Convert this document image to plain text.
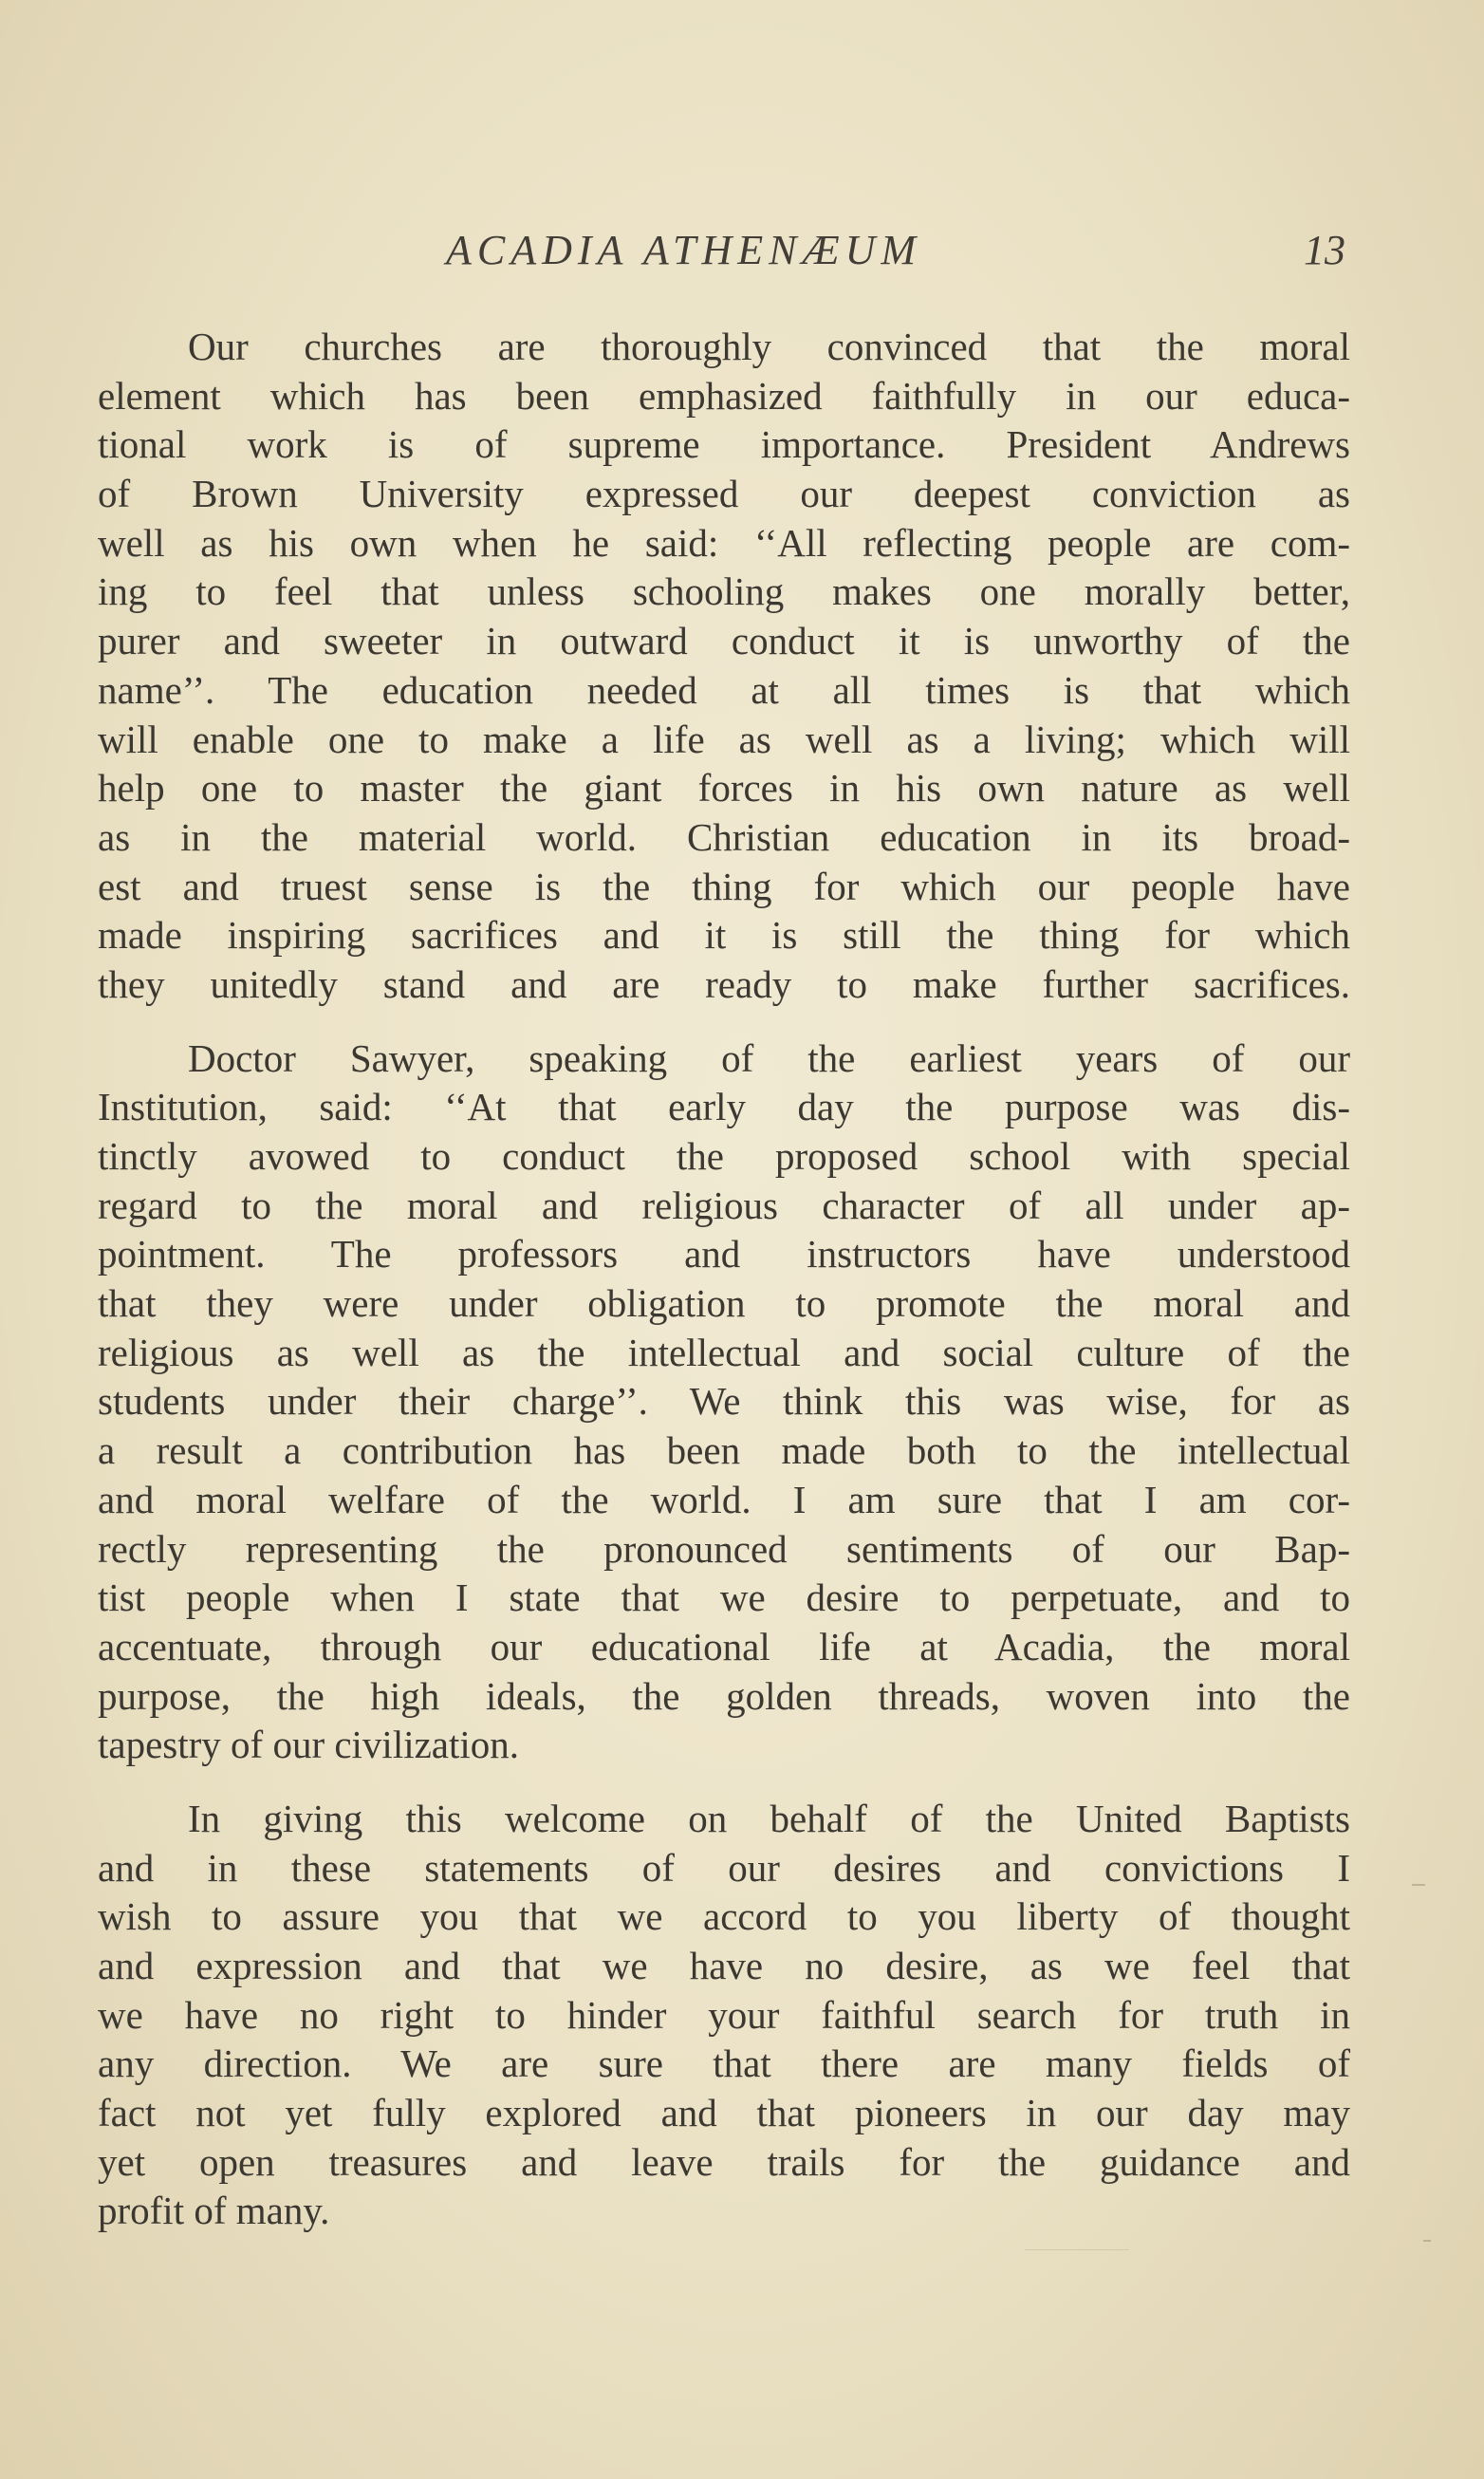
ACADIA ATHENÆUM	13
Our churches are thoroughly convinced that the moral
element which has been emphasized faithfully in our educa-
tional work is of supreme importance. President Andrews
of Brown University expressed our deepest conviction as
well as his own when he said: ‘‘All reflecting people are com-
ing to feel that unless schooling makes one morally better,
purer and sweeter in outward conduct it is unworthy of the
name’’. The education needed at all times is that which
will enable one to make a life as well as a living; which will
help one to master the giant forces in his own nature as well
as in the material world. Christian education in its broad-
est and truest sense is the thing for which our people have
made inspiring sacrifices and it is still the thing for which
they unitedly stand and are ready to make further sacrifices.
Doctor Sawyer, speaking of the earliest years of our
Institution, said: ‘‘At that early day the purpose was dis-
tinctly avowed to conduct the proposed school with special
regard to the moral and religious character of all under ap-
pointment. The professors and instructors have understood
that they were under obligation to promote the moral and
religious as well as the intellectual and social culture of the
students under their charge’’. We think this was wise, for as
a result a contribution has been made both to the intellectual
and moral welfare of the world. I am sure that I am cor-
rectly representing the pronounced sentiments of our Bap-
tist people when I state that we desire to perpetuate, and to
accentuate, through our educational life at Acadia, the moral
purpose, the high ideals, the golden threads, woven into the
tapestry of our civilization.
In giving this welcome on behalf of the United Baptists
and in these statements of our desires and convictions I
wish to assure you that we accord to you liberty of thought
and expression and that we have no desire, as we feel that
we have no right to hinder your faithful search for truth in
any direction. We are sure that there are many fields of
fact not yet fully explored and that pioneers in our day may
yet open treasures and leave trails for the guidance and
profit of many.
